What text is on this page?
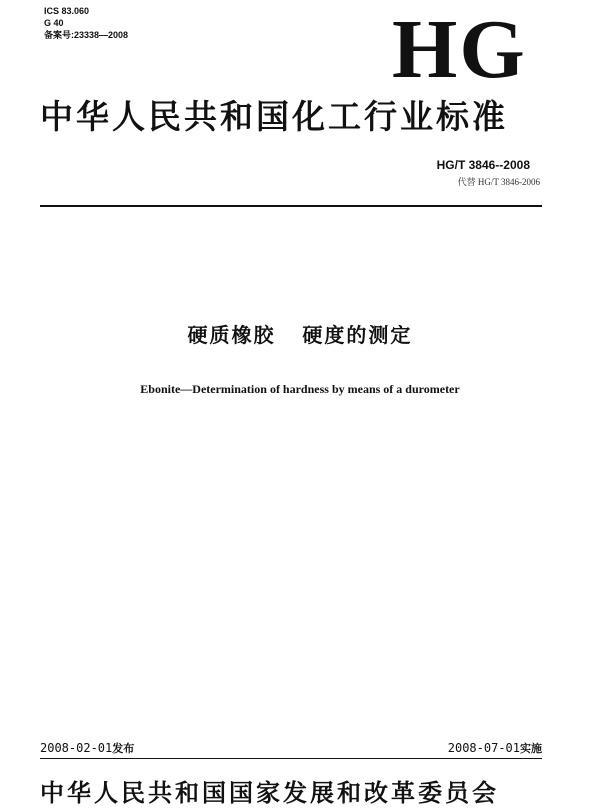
ICS 83.060
G 40
备案号:23338—2008	HG
中华人民共和国化工行业标准
HG/T 3846--2008
代替 HG/T 3846-2006
硬质橡胶   硬度的测定
Ebonite—Determination of hardness by means of a durometer
2008-02-01发布	2008-07-01实施
中华人民共和国国家发展和改革委员会
